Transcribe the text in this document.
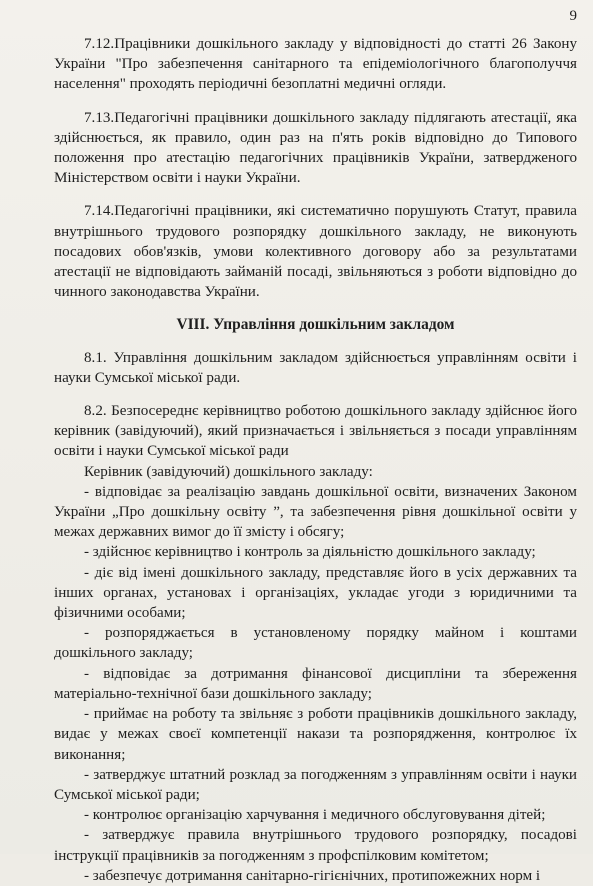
9

7.12.Працівники дошкільного закладу у відповідності до статті 26 Закону України "Про забезпечення санітарного та епідеміологічного благополуччя населення" проходять періодичні безоплатні медичні огляди.

7.13.Педагогічні працівники дошкільного закладу підлягають атестації, яка здійснюється, як правило, один раз на п'ять років відповідно до Типового положення про атестацію педагогічних працівників України, затвердженого Міністерством освіти і науки України.

7.14.Педагогічні працівники, які систематично порушують Статут, правила внутрішнього трудового розпорядку дошкільного закладу, не виконують посадових обов'язків, умови колективного договору або за результатами атестації не відповідають займаній посаді, звільняються з роботи відповідно до чинного законодавства України.

VIII. Управління дошкільним закладом

8.1. Управління дошкільним закладом здійснюється управлінням освіти і науки Сумської міської ради.

8.2. Безпосереднє керівництво роботою дошкільного закладу здійснює його керівник (завідуючий), який призначається і звільняється з посади управлінням освіти і науки Сумської міської ради

Керівник (завідуючий) дошкільного закладу:

- відповідає за реалізацію завдань дошкільної освіти, визначених Законом України „Про дошкільну освіту ”, та забезпечення рівня дошкільної освіти у межах державних вимог до її змісту і обсягу;

- здійснює керівництво і контроль за діяльністю дошкільного закладу;

- діє від імені дошкільного закладу, представляє його в усіх державних та інших органах, установах і організаціях, укладає угоди з юридичними та фізичними особами;

- розпоряджається в установленому порядку майном і коштами дошкільного закладу;

- відповідає за дотримання фінансової дисципліни та збереження матеріально-технічної бази дошкільного закладу;

- приймає на роботу та звільняє з роботи працівників дошкільного закладу, видає у межах своєї компетенції накази та розпорядження, контролює їх виконання;

- затверджує штатний розклад за погодженням з управлінням освіти і науки Сумської міської ради;

- контролює організацію харчування і медичного обслуговування дітей;

- затверджує правила внутрішнього трудового розпорядку, посадові інструкції працівників за погодженням з профспілковим комітетом;

- забезпечує дотримання санітарно-гігієнічних, протипожежних норм і
